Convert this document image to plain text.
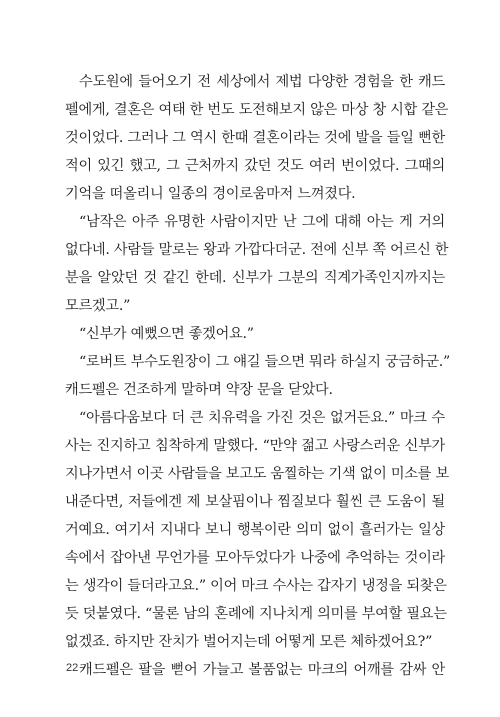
수도원에 들어오기 전 세상에서 제법 다양한 경험을 한 캐드
펠에게, 결혼은 여태 한 번도 도전해보지 않은 마상 창 시합 같은
것이었다. 그러나 그 역시 한때 결혼이라는 것에 발을 들일 뻔한
적이 있긴 했고, 그 근처까지 갔던 것도 여러 번이었다. 그때의
기억을 떠올리니 일종의 경이로움마저 느껴졌다.
“남작은 아주 유명한 사람이지만 난 그에 대해 아는 게 거의
없다네. 사람들 말로는 왕과 가깝다더군. 전에 신부 쪽 어르신 한
분을 알았던 것 같긴 한데. 신부가 그분의 직계가족인지까지는
모르겠고.”
“신부가 예뻤으면 좋겠어요.”
“로버트 부수도원장이 그 얘길 들으면 뭐라 하실지 궁금하군.”
캐드펠은 건조하게 말하며 약장 문을 닫았다.
“아름다움보다 더 큰 치유력을 가진 것은 없거든요.” 마크 수
사는 진지하고 침착하게 말했다. “만약 젊고 사랑스러운 신부가
지나가면서 이곳 사람들을 보고도 움찔하는 기색 없이 미소를 보
내준다면, 저들에겐 제 보살핌이나 찜질보다 훨씬 큰 도움이 될
거예요. 여기서 지내다 보니 행복이란 의미 없이 흘러가는 일상
속에서 잡아낸 무언가를 모아두었다가 나중에 추억하는 것이라
는 생각이 들더라고요.” 이어 마크 수사는 갑자기 냉정을 되찾은
듯 덧붙였다. “물론 남의 혼례에 지나치게 의미를 부여할 필요는
없겠죠. 하지만 잔치가 벌어지는데 어떻게 모른 체하겠어요?”
캐드펠은 팔을 뻗어 가늘고 볼품없는 마크의 어깨를 감싸 안
22
